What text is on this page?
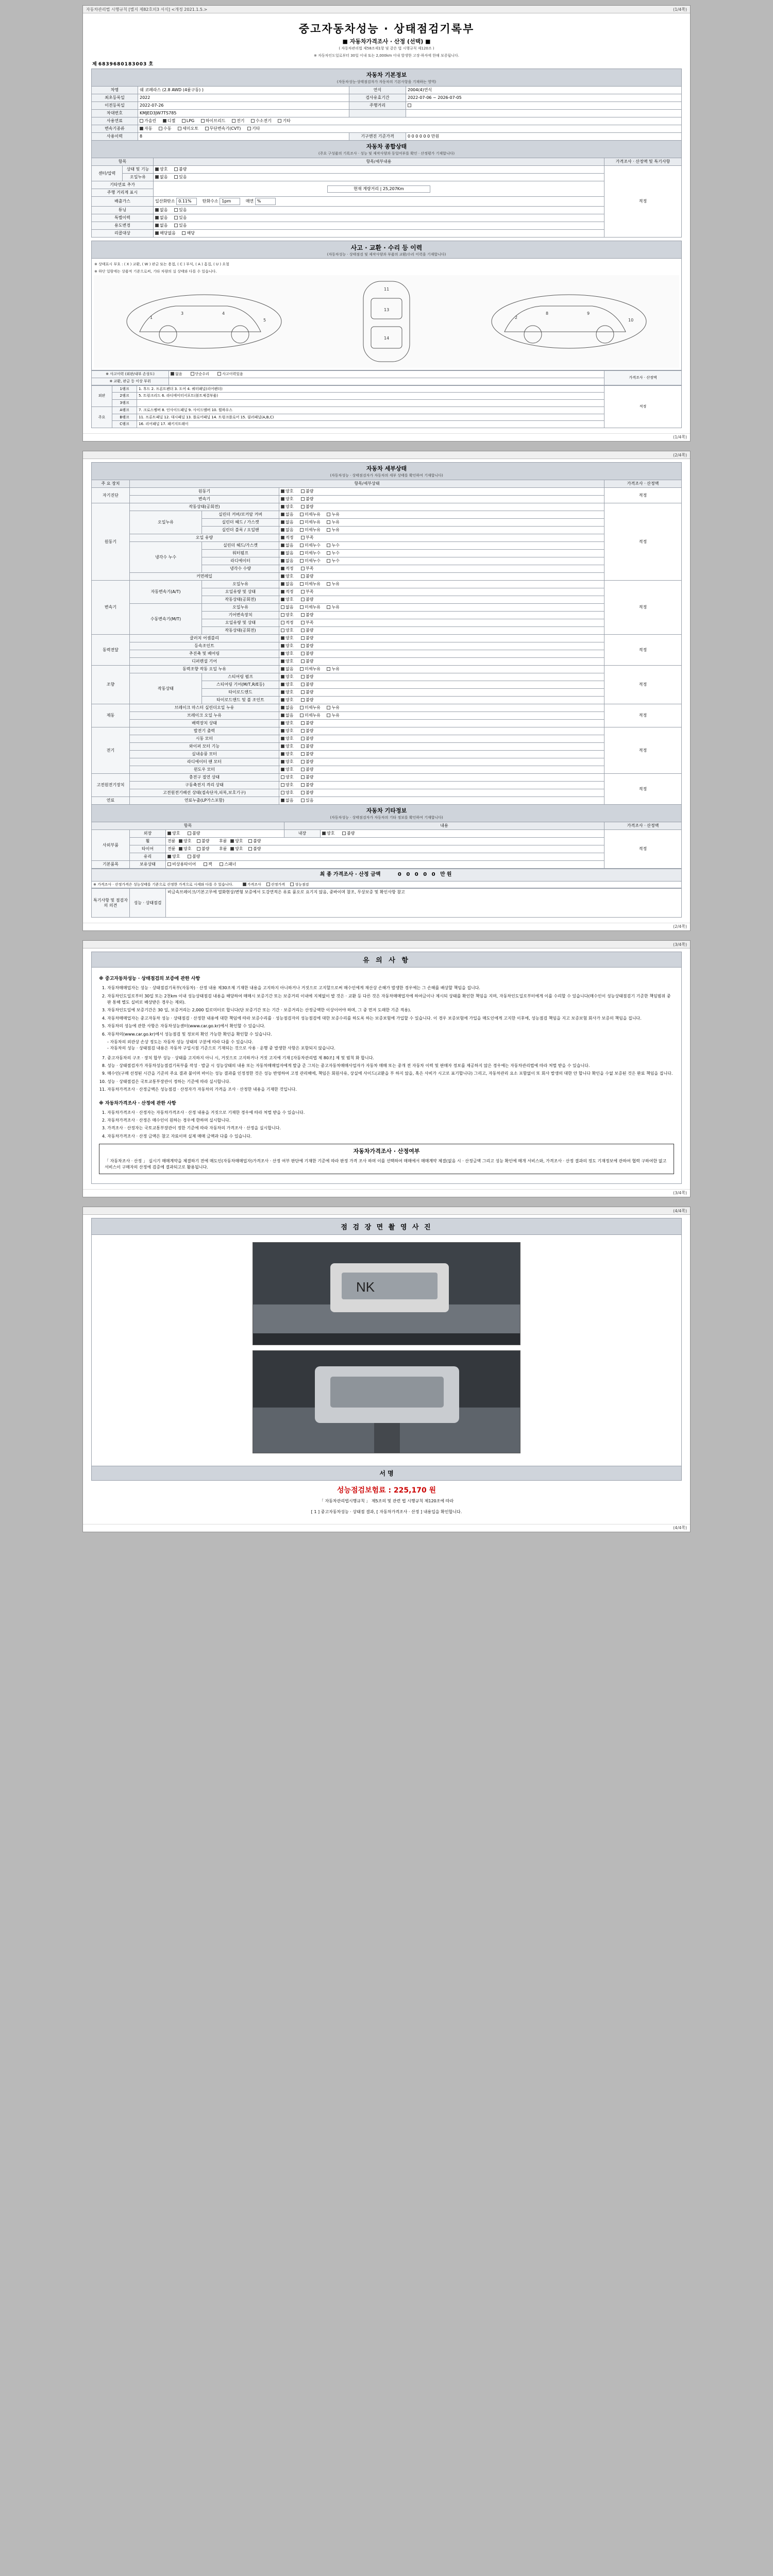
자동차관리법 시행규칙 [별지 제82호의3 서식] <개정 2021.1.5.>	(1/4쪽)
중고자동차성능 · 상태점검기록부
■ 자동차가격조사 · 산정 (선택) ■
( 자동차관리법 제58조제1항 및 같은 법 시행규칙 제120조 )
※ 자동차인도일로부터 30일 이내 또는 2,000km 이내 발생한 고장·하자에 한해 보증됩니다.
제 6839680183003 호
자동차 기본정보
(자동차성능·상태점검자가 자동차의 기본사항을 기재하는 영역)
차명	쉐 코페라스 (2.8 AWD (4륜구동) )	연식	2004(4)연식
최초등록일	2022	검사유효기간	2022-07-06 ~ 2026-07-05
이전등록일	2022-07-26	주행거리	
차대번호	KMJED3JW7TS785		
사용연료	가솔린 디젤 LPG 하이브리드 전기 수소전기 기타		
변속기종류	자동 수동 세미오토 무단변속기(CVT) 기타		
사용이력	8	기구엔진 기준가격	0 0 0 0 0 0 만원
자동차 종합상태
(주요 구성품의 기록조사 · 성능 및 제작사양과 동일여부를 확인 · 산정평가 기재합니다)
항목		항목/세부내용	가격조사 · 산정액 및 특기사항
센터/압력	상태 및 기능	양호 불량	적정
	오일누유	없음 있음	
기타연료 추가		현재 계량거리 | 25,207Km	
주행 거리계 표시			
배출가스		일산화탄소 0.11% 탄화수소 1pm 매연 %	
튜닝		없음 있음	
특별이력		없음 있음	
용도변경		없음 있음	
리콜대상		해당없음 해당	
사고 · 교환 · 수리 등 이력
(자동차성능 · 상태점검 및 제작사양과 부품의 교환/수리 이력을 기재합니다)
※ 상태표시 부호 : ( X ) 교환, ( W ) 판금 또는 용접, ( C ) 부식, ( A ) 흠집, ( U ) 요철
※ 하단 일람에는 상품적 기준으로써, 기타 차량의 실 상태와 다를 수 있습니다.
1
3	4
5
11
13
14
2
8	9
10
※ 사고이력 (외판/내부 손상도)	없음 단순수리 사고이력있음	가격조사 · 산정액
※ 교환, 판금 등 이상 부위		
외판	1랭크	1. 후드 2. 프론트펜더 3. 도어 4. 쿼터패널(리어펜더)	적정
	2랭크	5. 트렁크리드 6. 라디에이터서포트(볼트체결부품)	
	3랭크		
주요	A랭크	7. 크로스멤버 8. 인사이드패널 9. 사이드멤버 10. 휠하우스	
	B랭크	11. 프론트패널 12. 대시패널 13. 플로어패널 14. 트렁크플로어 15. 필러패널(A,B,C)	
	C랭크	16. 리어패널 17. 패키지트레이	
(1/4쪽)
(2/4쪽)
자동차 세부상태
(자동차성능 · 상태점검자가 자동차의 세부 상태를 확인하여 기재합니다)
주 요 장치	항목/세부상태			가격조사 · 산정액
자기진단	원동기		양호 불량	적정
	변속기		양호 불량	
원동기	작동상태(공회전)		양호 불량	적정
	오일누유	실린더 커버/로커암 커버	없음 미세누유 누유	
		실린더 헤드 / 가스켓	없음 미세누유 누유	
		실린더 블록 / 오일팬	없음 미세누유 누유	
	오일 유량		적정 부족	
	냉각수 누수	실린더 헤드/가스켓	없음 미세누수 누수	
		워터펌프	없음 미세누수 누수	
		라디에이터	없음 미세누수 누수	
		냉각수 수량	적정 부족	
	커먼레일		양호 불량	
변속기	자동변속기(A/T)	오일누유	없음 미세누유 누유	적정
		오일유량 및 상태	적정 부족	
		작동상태(공회전)	양호 불량	
	수동변속기(M/T)	오일누유	없음 미세누유 누유	
		기어변속장치	양호 불량	
		오일유량 및 상태	적정 부족	
		작동상태(공회전)	양호 불량	
동력전달	클러치 어셈블리		양호 불량	적정
	등속조인트		양호 불량	
	추진축 및 베어링		양호 불량	
	디퍼렌셜 기어		양호 불량	
조향	동력조향 작동 오일 누유		없음 미세누유 누유	적정
	작동상태	스티어링 펌프	양호 불량	
		스티어링 기어(M/T,R/E등)	양호 불량	
		타이로드엔드	양호 불량	
		타이로드앤드 및 볼 조인트	양호 불량	
제동	브레이크 마스터 실린더오일 누유		없음 미세누유 누유	적정
	브레이크 오일 누유		없음 미세누유 누유	
	배력장치 상태		양호 불량	
전기	발전기 출력		양호 불량	적정
	시동 모터		양호 불량	
	와이퍼 모터 기능		양호 불량	
	실내송풍 모터		양호 불량	
	라디에이터 팬 모터		양호 불량	
	윈도우 모터		양호 불량	
고전원전기장치	충전구 절연 상태		양호 불량	적정
	구동축전지 격리 상태		양호 불량	
	고전원전기배선 상태(접속단자,피복,보호기구)		양호 불량	
연료	연료누출(LP가스포함)		없음 있음	
자동차 기타정보
(자동차성능 · 상태점검자가 자동차의 기타 정보를 확인하여 기재합니다)
항목			내용		가격조사 · 산정액
사외부품	외장	양호 불량	내장	양호 불량	적정
	휠	전륜 양호 불량 후륜 양호 불량			
	타이어	전륜 양호 불량 후륜 양호 불량			
	유리	양호 불량			
기본품목	보유상태	비상용타이어 잭 스패너			
최 종 가격조사 · 산정 금액	0 0 0 0 0 만원
※ 가격조사 · 산정가격은 성능상태를 기준으로 산정한 가격으로 시세와 다를 수 있습니다.	가격조사	산정가격	성능점검
특기사항 및 점검자의 의견	성능 · 상태점검	비금속브레이크/기본고무에 열화현상/변형 보증에서 도강연적은 유료 품오로 요기지 않음, 중바이며 참조, 무상보증 및 확인사항 참고
(2/4쪽)
(3/4쪽)
유 의 사 항
※ 중고자동차성능 · 상태점검의 보증에 관한 사항
1. 자동차매매업자는 성능 · 상태점검기록부(자동차) · 산정 내용 제30조제 기재한 내용을 고지하지 아니하거나 거짓으로 고지할으로써 매수인에게 재산상 손해가 발생한 경우에는 그 손해를 배상할 책임을 집니다.
2. 자동차인도일로부터 30일 또는 2천km 이내 성능상태점검 내용을 해당하여 매매시 보증기간 또는 보증거리 이내에 지체없이 발 것은 · 교환 등 다른 것은 자동차매매업자에 하여금이나 제시되 상태를 확인한 책임을 지며, 자동차인도일로부터에게 이를 수리할 수 있습니다(매수인이 성능상태점검기 기준한 책임범위 중판 통해 별도 실비로 배상받은 경우는 제외).
3. 자동차인도일에 보증기간은 30 일, 보증거리는 2,000 킬로미터로 합니다(단 보증기간 또는 기간 · 보증거리는 산정금액한 이상이어야 하며, 그 중 먼저 도래한 기준 적용).
4. 자동차매매업자는 중고자동차 성능 · 상태점검 · 산정한 내용에 대한 책임에 따라 보증수리를 · 성능점검자의 성능점검에 대한 보증수리를 하도록 하는 보증보험에 가입할 수 있습니다. 이 경우 보증보험에 가입을 매도인에게 고지한 이후에, 성능점검 책임을 지고 보증보험 회사가 보증의 책임을 집니다.
5. 자동차의 성능에 관한 사항은 자동차성능센터(www.car.go.kr)에서 확인할 수 있습니다.
6. 자동차의(www.car.go.kr)에서 성능점검 및 정보의 확인 가능한 확인을 확인할 수 있습니다.
- 자동차의 외관상 손상 정도는 자동차 성능 상태의 구분에 따라 다를 수 있습니다.
- 자동차의 성능 · 상태점검 내용은 자동차 구입시점 기준으로 기재되는 것으로 사용 · 운행 중 발생한 사항은 포함되지 않습니다.
7. 중고자동차의 구조 · 장치 합부 성능 · 상태를 고지하지 아니 시, 거짓으로 고지하거나 거짓 고지에 기재 [자동차관리법 제 80조] 제 및 범칙 화 합니다.
8. 성능 · 상태점검자가 자동차성능점검기록부를 작성 · 발급 시 성능상태의 내용 또는 자동차매매업자에게 발급 준 그치는 중고자동차매매사업자가 자동차 매매 또는 중개 전 자동차 이력 및 판매자 정보를 제공하지 않은 경우에는 자동차관리법에 따라 처벌 받을 수 있습니다.
9. 매수인(구매 선정된 시간을 기준의 주요 결과 불이며 바이는 성능 결과를 인정정한 것은 성능 반영하여 고정 관리해에, 책임은 회원사유, 상실에 사이드(교환을 부 하지 않을, 혹은 사비가 시고로 표기합니다) 그리고, 자동차관리 요소 포함없이 또 회사 발생의 대한 안 합니다 확인을 수없 보증된 것은 완료 책임을 집니다.
10. 성능 · 상태점검은 국토교통부장관이 정하는 기준에 따라 실시합니다.
11. 자동차가격조사 · 산정금액은 성능점검 · 산정자가 자동차의 가격을 조사 · 산정한 내용을 기재한 것입니다.
※ 자동차가격조사 · 산정에 관한 사항
1. 자동차가격조사 · 산정자는 자동차가격조사 · 산정 내용을 거짓으로 기재한 경우에 따라 처벌 받을 수 있습니다.
2. 자동차가격조사 · 산정은 매수인이 원하는 경우에 한하며 실시합니다.
3. 가격조사 · 산정자는 국토교통부장관이 정한 기준에 따라 자동차의 가격조사 · 산정을 실시합니다.
4. 자동차가격조사 · 산정 금액은 참고 자료이며 실제 매매 금액과 다를 수 있습니다.
자동차가격조사 · 산정여부
「 자동차조사 · 산정 」 실시기 매매계약을 체결하기 전에 매도인(자동차매매업자)가격조사 · 산정 여부 판단에 기재한 기준에 따라 판정 가격 조사 하며 이를 선택하여 매매에서 매매계약 체결(없음 시 · 산정금액 그리고 성능 확인에 매개 서비스와, 가격조사 · 산정 결과의 정도 기재정보에 관하여 협력 구하여한 없고 서비스이 구매자의 산정에 검증에 결과되고로 활용됩니다.
(3/4쪽)
(4/4쪽)
점 검 장 면 촬 영 사 진
NK
서 명
성능점검보험료 : 225,170 원
「 자동차관리법시행규칙 」 제5조의 및 관련 법 시행규칙 제120조에 따라
[ 1 ] 중고자동차성능 · 상태점 결과, [ 자동차가격조사 · 산정 ] 내용입을 확인합니다.
(4/4쪽)
